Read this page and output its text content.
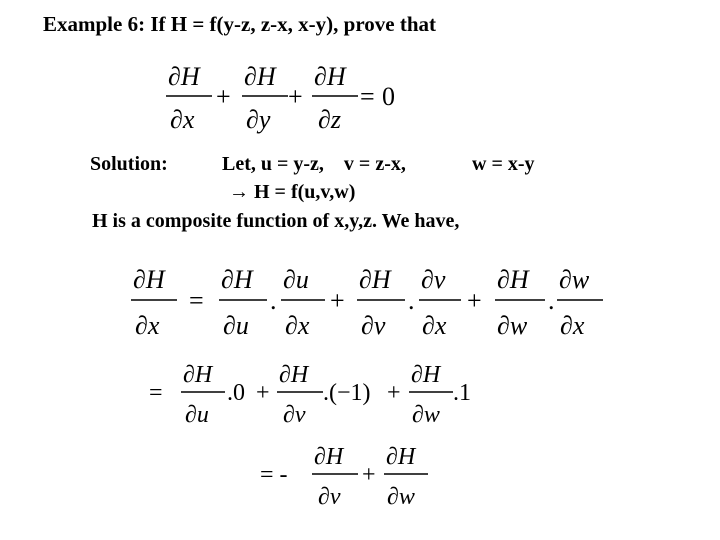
Example 6: If H = f(y-z, z-x, x-y), prove that
∂H
∂x
+
∂H
∂y
+
∂H
∂z
= 0
Solution:	Let, u = y-z,    v = z-x,	w = x-y
→ H = f(u,v,w)
H is a composite function of x,y,z. We have,
∂H
∂x
=
∂H
∂u
.
∂u
∂x
+
∂H
∂v
.
∂v
∂x
+
∂H
∂w
.
∂w
∂x
=
∂H
∂u
.0 +
∂H
∂v
.(−1) +
∂H
∂w
.1
= -
∂H
∂v
+
∂H
∂w
